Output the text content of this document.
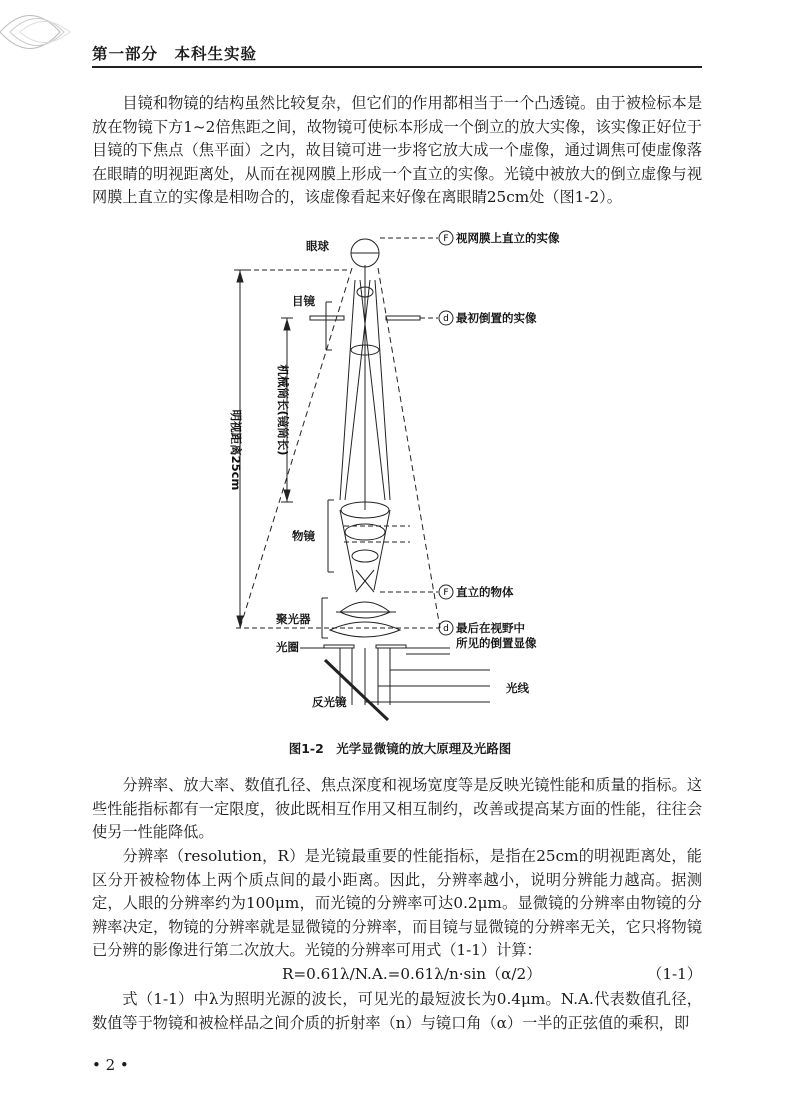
第一部分　本科生实验

目镜和物镜的结构虽然比较复杂，但它们的作用都相当于一个凸透镜。由于被检标本是放在物镜下方1~2倍焦距之间，故物镜可使标本形成一个倒立的放大实像，该实像正好位于目镜的下焦点（焦平面）之内，故目镜可进一步将它放大成一个虚像，通过调焦可使虚像落在眼睛的明视距离处，从而在视网膜上形成一个直立的实像。光镜中被放大的倒立虚像与视网膜上直立的实像是相吻合的，该虚像看起来好像在离眼睛25cm处（图1-2）。

F
d
F
d
眼球
目镜
物镜
聚光器
光圈
反光镜
光线
视网膜上直立的实像
最初倒置的实像
直立的物体
最后在视野中
所见的倒置显像
明视距离25cm	机械筒长(镜筒长)
图1-2　光学显微镜的放大原理及光路图

分辨率、放大率、数值孔径、焦点深度和视场宽度等是反映光镜性能和质量的指标。这些性能指标都有一定限度，彼此既相互作用又相互制约，改善或提高某方面的性能，往往会使另一性能降低。

分辨率（resolution，R）是光镜最重要的性能指标，是指在25cm的明视距离处，能区分开被检物体上两个质点间的最小距离。因此，分辨率越小，说明分辨能力越高。据测定，人眼的分辨率约为100μm，而光镜的分辨率可达0.2μm。显微镜的分辨率由物镜的分辨率决定，物镜的分辨率就是显微镜的分辨率，而目镜与显微镜的分辨率无关，它只将物镜已分辨的影像进行第二次放大。光镜的分辨率可用式（1-1）计算：

R=0.61λ/N.A.=0.61λ/n·sin（α/2）	（1-1）

式（1-1）中λ为照明光源的波长，可见光的最短波长为0.4μm。N.A.代表数值孔径，数值等于物镜和被检样品之间介质的折射率（n）与镜口角（α）一半的正弦值的乘积，即

• 2 •
